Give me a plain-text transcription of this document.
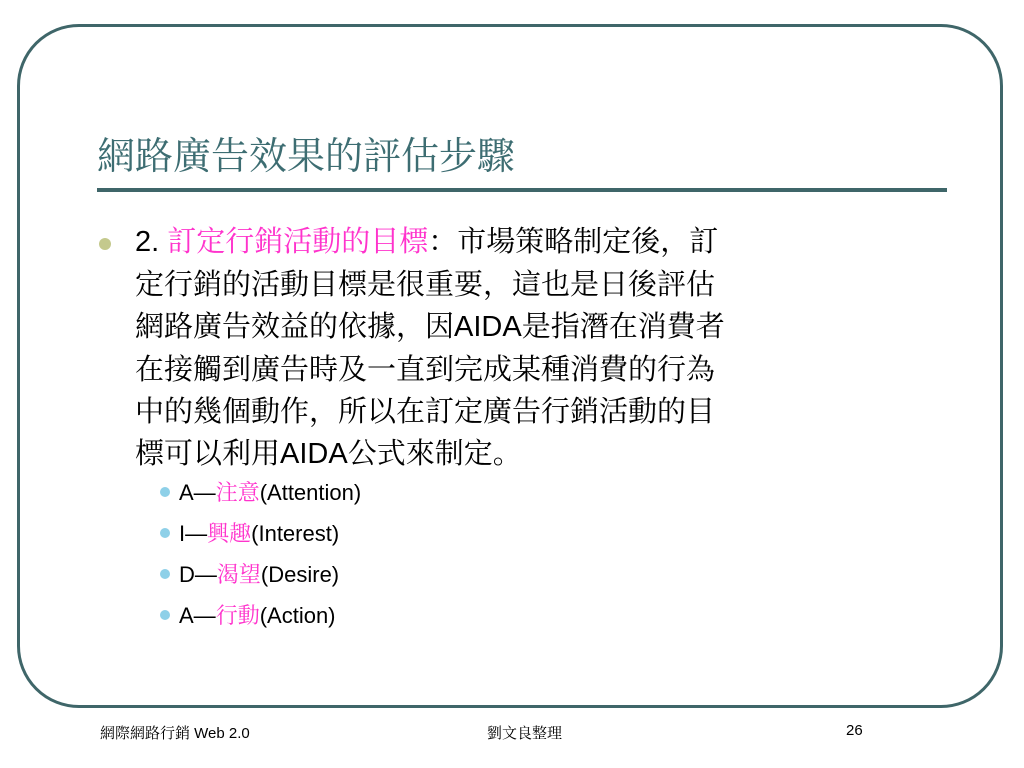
網路廣告效果的評估步驟
2. 訂定行銷活動的目標：市場策略制定後，訂
定行銷的活動目標是很重要，這也是日後評估
網路廣告效益的依據，因AIDA是指潛在消費者
在接觸到廣告時及一直到完成某種消費的行為
中的幾個動作，所以在訂定廣告行銷活動的目
標可以利用AIDA公式來制定。
A—注意(Attention)
I—興趣(Interest)
D—渴望(Desire)
A—行動(Action)
網際網路行銷 Web 2.0	劉文良整理	26
